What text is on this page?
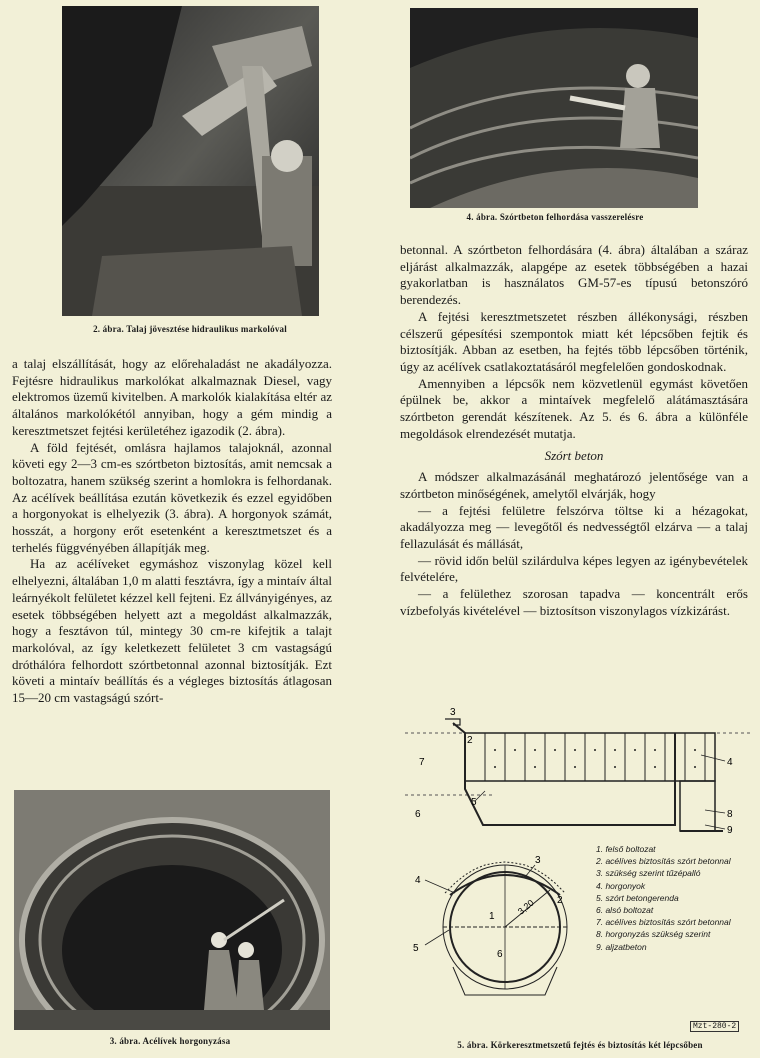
2. ábra. Talaj jövesztése hidraulikus markolóval
4. ábra. Szórtbeton felhordása vasszerelésre

a talaj elszállítását, hogy az előrehaladást ne akadályozza. Fejtésre hidraulikus markolókat alkalmaznak Diesel, vagy elektromos üzemű kivitelben. A markolók kialakítása eltér az általános markolókétól annyiban, hogy a gém mindig a keresztmetszet fejtési kerületéhez igazodik (2. ábra).

A föld fejtését, omlásra hajlamos talajoknál, azonnal követi egy 2—3 cm-es szórtbeton biztosítás, amit nemcsak a boltozatra, hanem szükség szerint a homlokra is felhordanak. Az acélívek beállítása ezután következik és ezzel egyidőben a horgonyokat is elhelyezik (3. ábra). A horgonyok számát, hosszát, a horgony erőt esetenként a keresztmetszet és a terhelés függvényében állapítják meg.

Ha az acélíveket egymáshoz viszonylag közel kell elhelyezni, általában 1,0 m alatti fesztávra, így a mintaív által leárnyékolt felületet kézzel kell fejteni. Ez állványigényes, az esetek többségében helyett azt a megoldást alkalmazzák, hogy a fesztávon túl, mintegy 30 cm-re kifejtik a talajt markolóval, az így keletkezett felületet 3 cm vastagságú dróthálóra felhordott szórtbetonnal azonnal biztosítják. Ezt követi a mintaív beállítás és a végleges biztosítás átlagosan 15—20 cm vastagságú szórt-

3. ábra. Acélívek horgonyzása

betonnal. A szórtbeton felhordására (4. ábra) általában a száraz eljárást alkalmazzák, alapgépe az esetek többségében a hazai gyakorlatban is használatos GM-57-es típusú betonszóró berendezés.

A fejtési keresztmetszetet részben állékonysági, részben célszerű gépesítési szempontok miatt két lépcsőben fejtik és biztosítják. Abban az esetben, ha fejtés több lépcsőben történik, úgy az acélívek csatlakoztatásáról megfelelően gondoskodnak.

Amennyiben a lépcsők nem közvetlenül egymást követően épülnek be, akkor a mintaívek megfelelő alátámasztására szórtbeton gerendát készítenek. Az 5. és 6. ábra a különféle megoldások elrendezését mutatja.

Szórt beton

A módszer alkalmazásánál meghatározó jelentősége van a szórtbeton minőségének, amelytől elvárják, hogy

— a fejtési felületre felszórva töltse ki a hézagokat, akadályozza meg — levegőtől és nedvességtől elzárva — a talaj fellazulását és mállását,

— rövid időn belül szilárdulva képes legyen az igénybevételek felvételére,

— a felülethez szorosan tapadva — koncentrált erős vízbefolyás kivételével — biztosítson viszonylagos vízkizárást.

3
2
7
6
5
4
8
9
4
5
3
2
1
6
3,20
1. felső boltozat
2. acélíves biztosítás szórt betonnal
3. szükség szerint tűzépalló
4. horgonyok
5. szórt betongerenda
6. alsó boltozat
7. acélíves biztosítás szórt betonnal
8. horgonyzás szükség szerint
9. aljzatbeton
Mzt-280-2
5. ábra. Körkeresztmetszetű fejtés és biztosítás két lépcsőben
